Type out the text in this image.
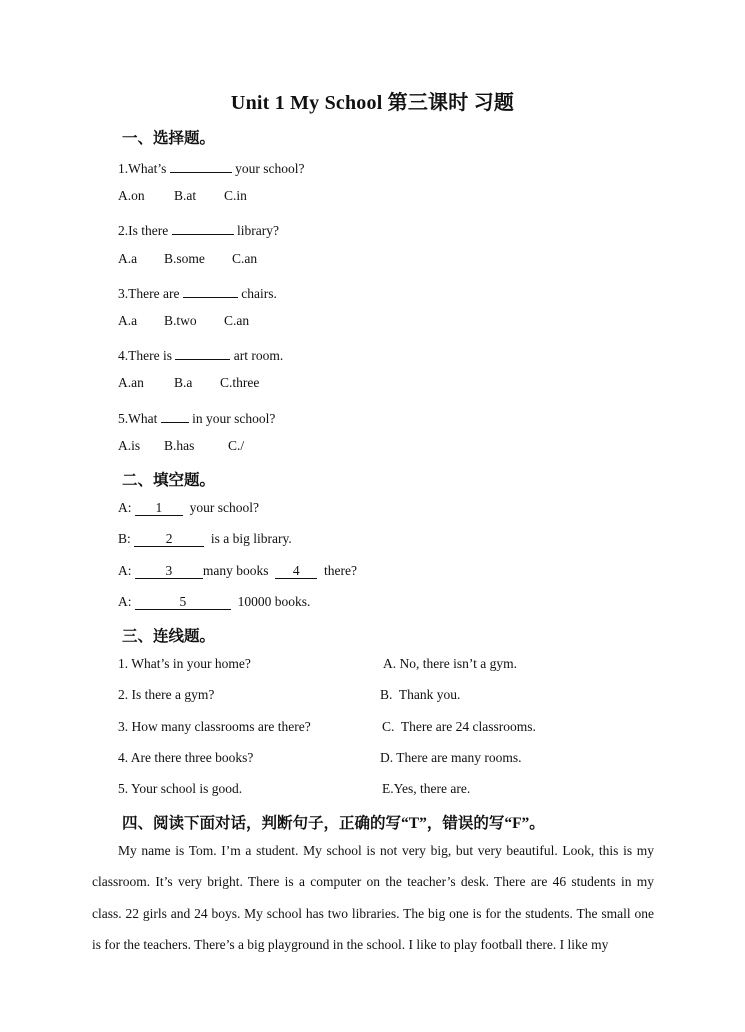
Unit 1 My School 第三课时 习题
一、选择题。
1.What’s	your school?
A.on B.at C.in
2.Is there	library?
A.a B.some C.an
3.There are	chairs.
A.a B.two C.an
4.There is	art room.
A.an B.a C.three
5.What  in your school?
A.is B.has C./
二、填空题。
A: 1  your school?
B: 2  is a big library.
A: 3 many books  4  there?
A:	5	10000 books.
三、连线题。
1. What’s in your home?	A. No, there isn’t a gym.
2. Is there a gym?	B.  Thank you.
3. How many classrooms are there?	C.  There are 24 classrooms.
4. Are there three books?	D. There are many rooms.
5. Your school is good.	E.Yes, there are.
四、阅读下面对话，判断句子，正确的写“T”，错误的写“F”。
My name is Tom. I’m a student. My school is not very big, but very beautiful. Look, this is my classroom. It’s very bright. There is a computer on the teacher’s desk. There are 46 students in my class. 22 girls and 24 boys. My school has two libraries. The big one is for the students. The small one is for the teachers. There’s a big playground in the school. I like to play football there. I like my
